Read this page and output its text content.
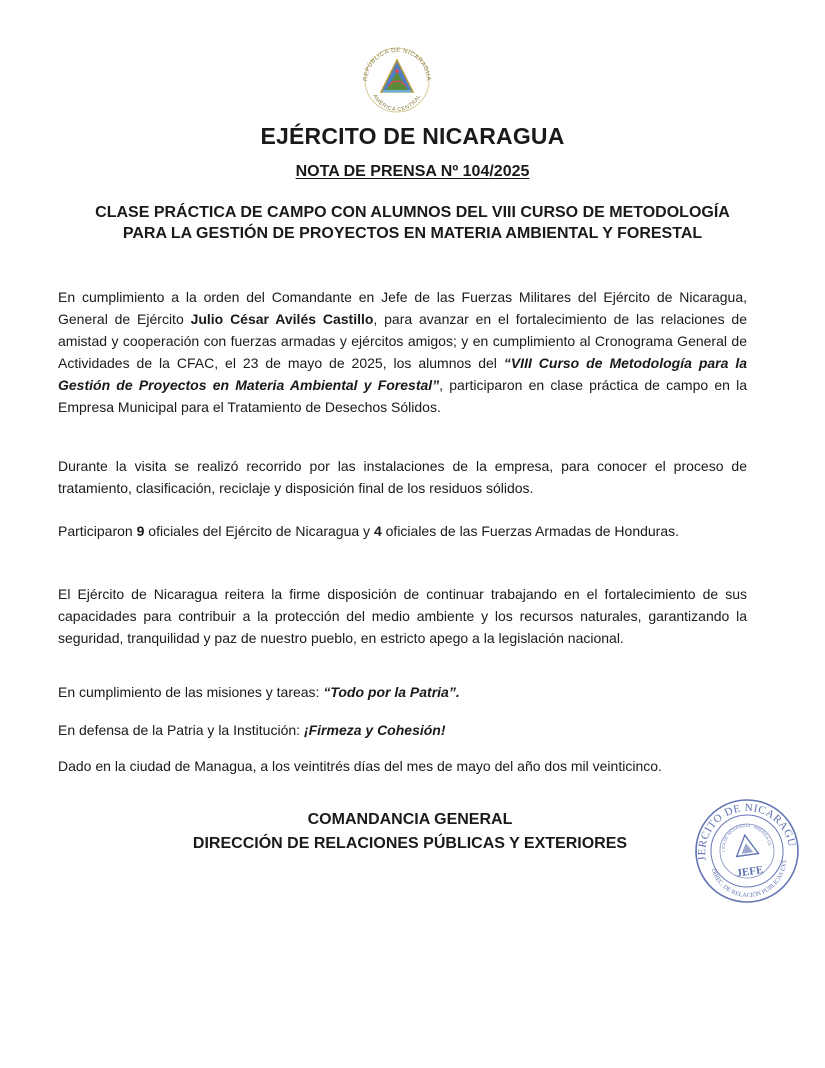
REPÚBLICA DE NICARAGUA
AMÉRICA CENTRAL
EJÉRCITO DE NICARAGUA
NOTA DE PRENSA Nº 104/2025
CLASE PRÁCTICA DE CAMPO CON ALUMNOS DEL VIII CURSO DE METODOLOGÍA PARA LA GESTIÓN DE PROYECTOS EN MATERIA AMBIENTAL Y FORESTAL

En cumplimiento a la orden del Comandante en Jefe de las Fuerzas Militares del Ejército de Nicaragua, General de Ejército Julio César Avilés Castillo, para avanzar en el fortalecimiento de las relaciones de amistad y cooperación con fuerzas armadas y ejércitos amigos; y en cumplimiento al Cronograma General de Actividades de la CFAC, el 23 de mayo de 2025, los alumnos del “VIII Curso de Metodología para la Gestión de Proyectos en Materia Ambiental y Forestal”, participaron en clase práctica de campo en la Empresa Municipal para el Tratamiento de Desechos Sólidos.

Durante la visita se realizó recorrido por las instalaciones de la empresa, para conocer el proceso de tratamiento, clasificación, reciclaje y disposición final de los residuos sólidos.

Participaron 9 oficiales del Ejército de Nicaragua y 4 oficiales de las Fuerzas Armadas de Honduras.

El Ejército de Nicaragua reitera la firme disposición de continuar trabajando en el fortalecimiento de sus capacidades para contribuir a la protección del medio ambiente y los recursos naturales, garantizando la seguridad, tranquilidad y paz de nuestro pueblo, en estricto apego a la legislación nacional.

En cumplimiento de las misiones y tareas: “Todo por la Patria”.

En defensa de la Patria y la Institución: ¡Firmeza y Cohesión!

Dado en la ciudad de Managua, a los veintitrés días del mes de mayo del año dos mil veinticinco.

COMANDANCIA GENERAL
DIRECCIÓN DE RELACIONES PÚBLICAS Y EXTERIORES
EJÉRCITO DE NICARAGUA
DIREC. DE RELACIÓN PÚBLICAS EXT.
REPÚBLICA DE NICARAGUA · AMÉRICA CENTRAL
JEFE
